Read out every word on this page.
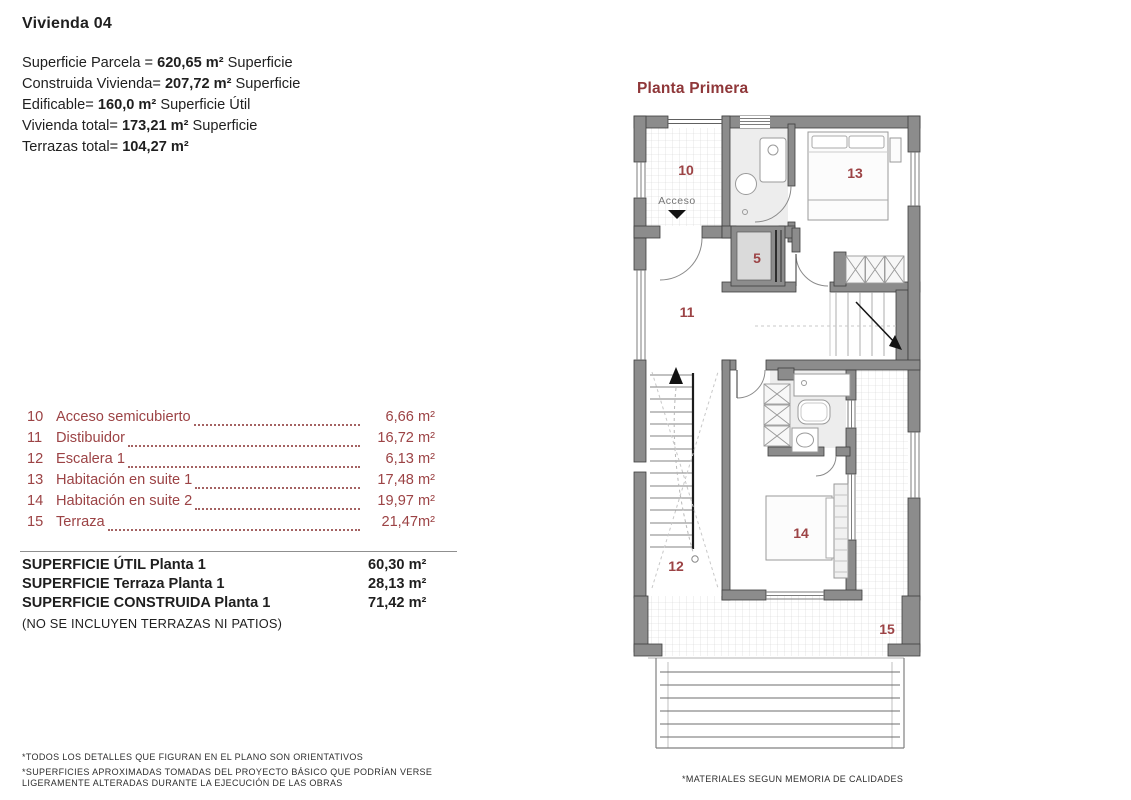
Vivienda 04
Superficie Parcela = 620,65 m² Superficie
Construida Vivienda= 207,72 m² Superficie
Edificable= 160,0 m² Superficie Útil
Vivienda total= 173,21 m² Superficie
Terrazas total= 104,27 m²
10 Acceso semicubierto	6,66 m²
11 Distibuidor	16,72 m²
12 Escalera 1	6,13 m²
13 Habitación en suite 1	17,48 m²
14 Habitación en suite 2	19,97 m²
15 Terraza	21,47m²
SUPERFICIE ÚTIL Planta 1	60,30 m²
SUPERFICIE Terraza Planta 1	28,13 m²
SUPERFICIE CONSTRUIDA Planta 1	71,42 m²
(NO SE INCLUYEN TERRAZAS NI PATIOS)
*TODOS LOS DETALLES QUE FIGURAN EN EL PLANO SON ORIENTATIVOS
*SUPERFICIES APROXIMADAS TOMADAS DEL PROYECTO BÁSICO QUE PODRÍAN VERSE
LIGERAMENTE ALTERADAS DURANTE LA EJECUCIÓN DE LAS OBRAS	*MATERIALES SEGUN MEMORIA DE CALIDADES
Planta Primera
10	13
5
11
12
14
15
Acceso
